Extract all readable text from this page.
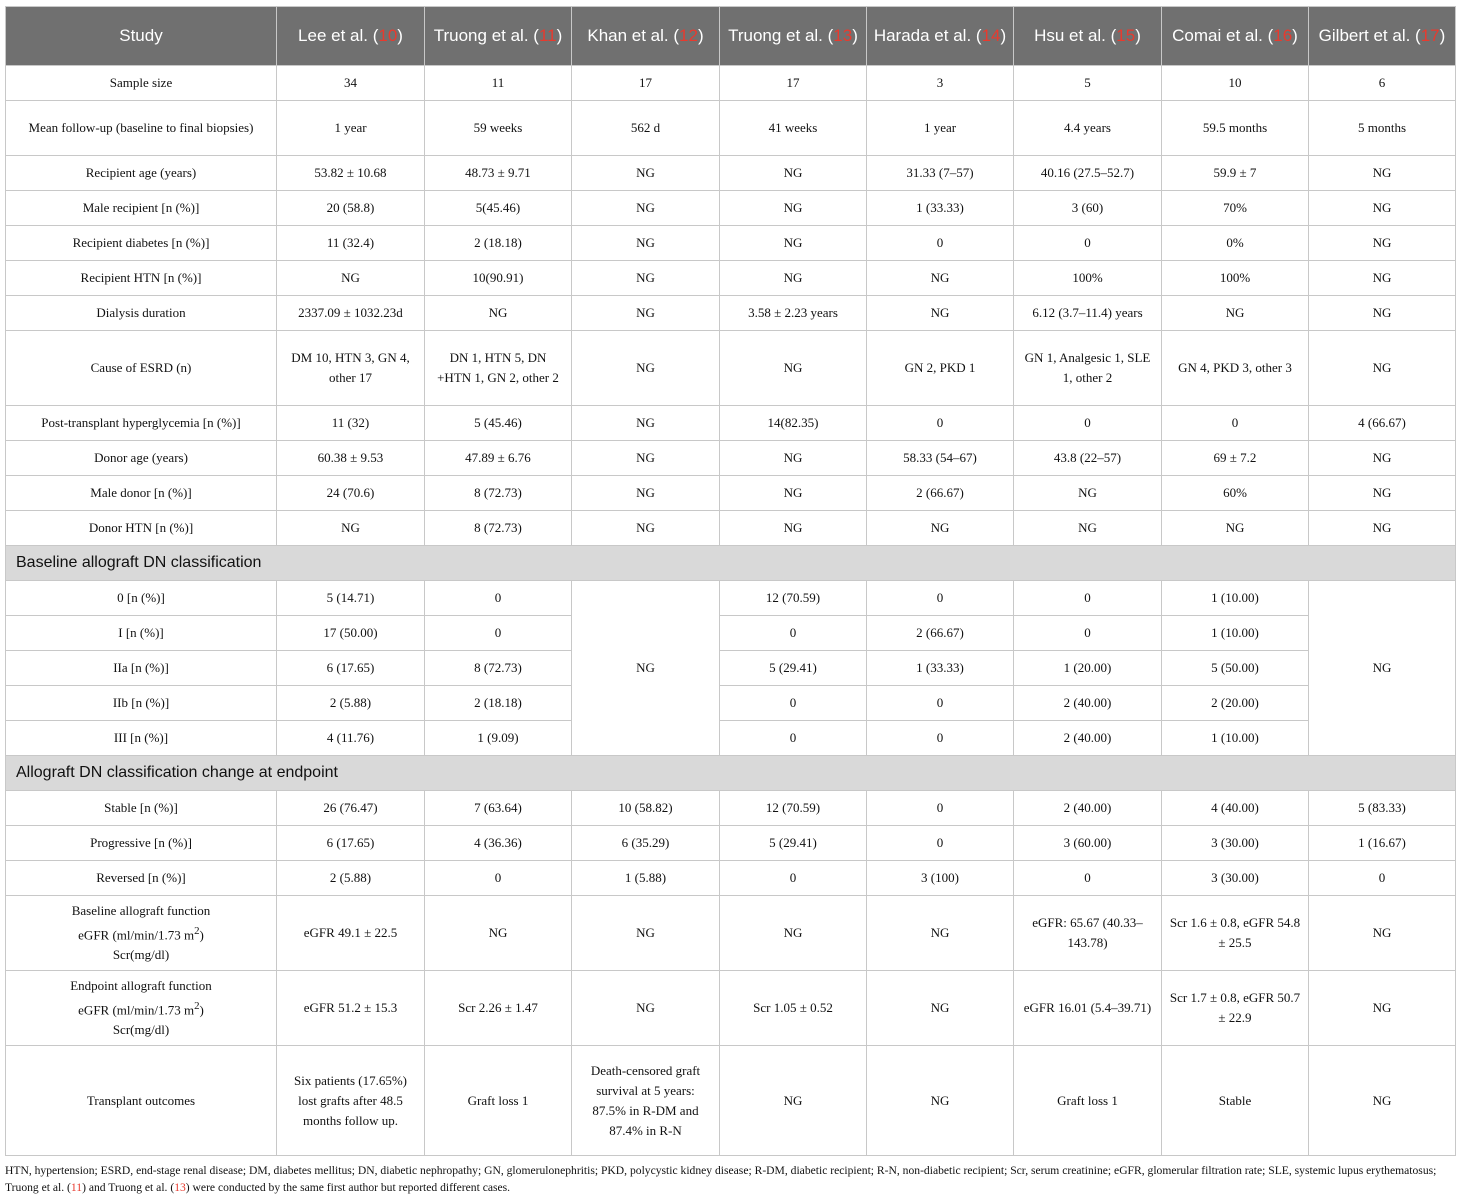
Study	Lee et al. (10)	Truong et al. (11)	Khan et al. (12)	Truong et al. (13)	Harada et al. (14)	Hsu et al. (15)	Comai et al. (16)	Gilbert et al. (17)
Sample size	34	11	17	17	3	5	10	6
Mean follow-up (baseline to final biopsies)	1 year	59 weeks	562 d	41 weeks	1 year	4.4 years	59.5 months	5 months
Recipient age (years)	53.82 ± 10.68	48.73 ± 9.71	NG	NG	31.33 (7–57)	40.16 (27.5–52.7)	59.9 ± 7	NG
Male recipient [n (%)]	20 (58.8)	5(45.46)	NG	NG	1 (33.33)	3 (60)	70%	NG
Recipient diabetes [n (%)]	11 (32.4)	2 (18.18)	NG	NG	0	0	0%	NG
Recipient HTN [n (%)]	NG	10(90.91)	NG	NG	NG	100%	100%	NG
Dialysis duration	2337.09 ± 1032.23d	NG	NG	3.58 ± 2.23 years	NG	6.12 (3.7–11.4) years	NG	NG
Cause of ESRD (n)	DM 10, HTN 3, GN 4, other 17	DN 1, HTN 5, DN +HTN 1, GN 2, other 2	NG	NG	GN 2, PKD 1	GN 1, Analgesic 1, SLE 1, other 2	GN 4, PKD 3, other 3	NG
Post-transplant hyperglycemia [n (%)]	11 (32)	5 (45.46)	NG	14(82.35)	0	0	0	4 (66.67)
Donor age (years)	60.38 ± 9.53	47.89 ± 6.76	NG	NG	58.33 (54–67)	43.8 (22–57)	69 ± 7.2	NG
Male donor [n (%)]	24 (70.6)	8 (72.73)	NG	NG	2 (66.67)	NG	60%	NG
Donor HTN [n (%)]	NG	8 (72.73)	NG	NG	NG	NG	NG	NG
Baseline allograft DN classification								
0 [n (%)]	5 (14.71)	0	NG	12 (70.59)	0	0	1 (10.00)	NG
I [n (%)]	17 (50.00)	0		0	2 (66.67)	0	1 (10.00)	
IIa [n (%)]	6 (17.65)	8 (72.73)		5 (29.41)	1 (33.33)	1 (20.00)	5 (50.00)	
IIb [n (%)]	2 (5.88)	2 (18.18)		0	0	2 (40.00)	2 (20.00)	
III [n (%)]	4 (11.76)	1 (9.09)		0	0	2 (40.00)	1 (10.00)	
Allograft DN classification change at endpoint								
Stable [n (%)]	26 (76.47)	7 (63.64)	10 (58.82)	12 (70.59)	0	2 (40.00)	4 (40.00)	5 (83.33)
Progressive [n (%)]	6 (17.65)	4 (36.36)	6 (35.29)	5 (29.41)	0	3 (60.00)	3 (30.00)	1 (16.67)
Reversed [n (%)]	2 (5.88)	0	1 (5.88)	0	3 (100)	0	3 (30.00)	0

Baseline allograft function
eGFR (ml/min/1.73 $m^2$)
Scr(mg/dl)	eGFR 49.1 ± 22.5	NG	NG	NG	NG	eGFR: 65.67 (40.33–143.78)	Scr 1.6 ± 0.8, eGFR 54.8 ± 25.5	NG

Endpoint allograft function
eGFR (ml/min/1.73 $m^2$)
Scr(mg/dl)	eGFR 51.2 ± 15.3	Scr 2.26 ± 1.47	NG	Scr 1.05 ± 0.52	NG	eGFR 16.01 (5.4–39.71)	Scr 1.7 ± 0.8, eGFR 50.7 ± 22.9	NG
Transplant outcomes	Six patients (17.65%) lost grafts after 48.5 months follow up.	Graft loss 1	Death-censored graft survival at 5 years: 87.5% in R-DM and 87.4% in R-N	NG	NG	Graft loss 1	Stable	NG
HTN, hypertension; ESRD, end-stage renal disease; DM, diabetes mellitus; DN, diabetic nephropathy; GN, glomerulonephritis; PKD, polycystic kidney disease; R-DM, diabetic recipient; R-N, non-diabetic recipient; Scr, serum creatinine; eGFR, glomerular filtration rate; SLE, systemic lupus erythematosus; Truong et al. (11) and Truong et al. (13) were conducted by the same first author but reported different cases.
